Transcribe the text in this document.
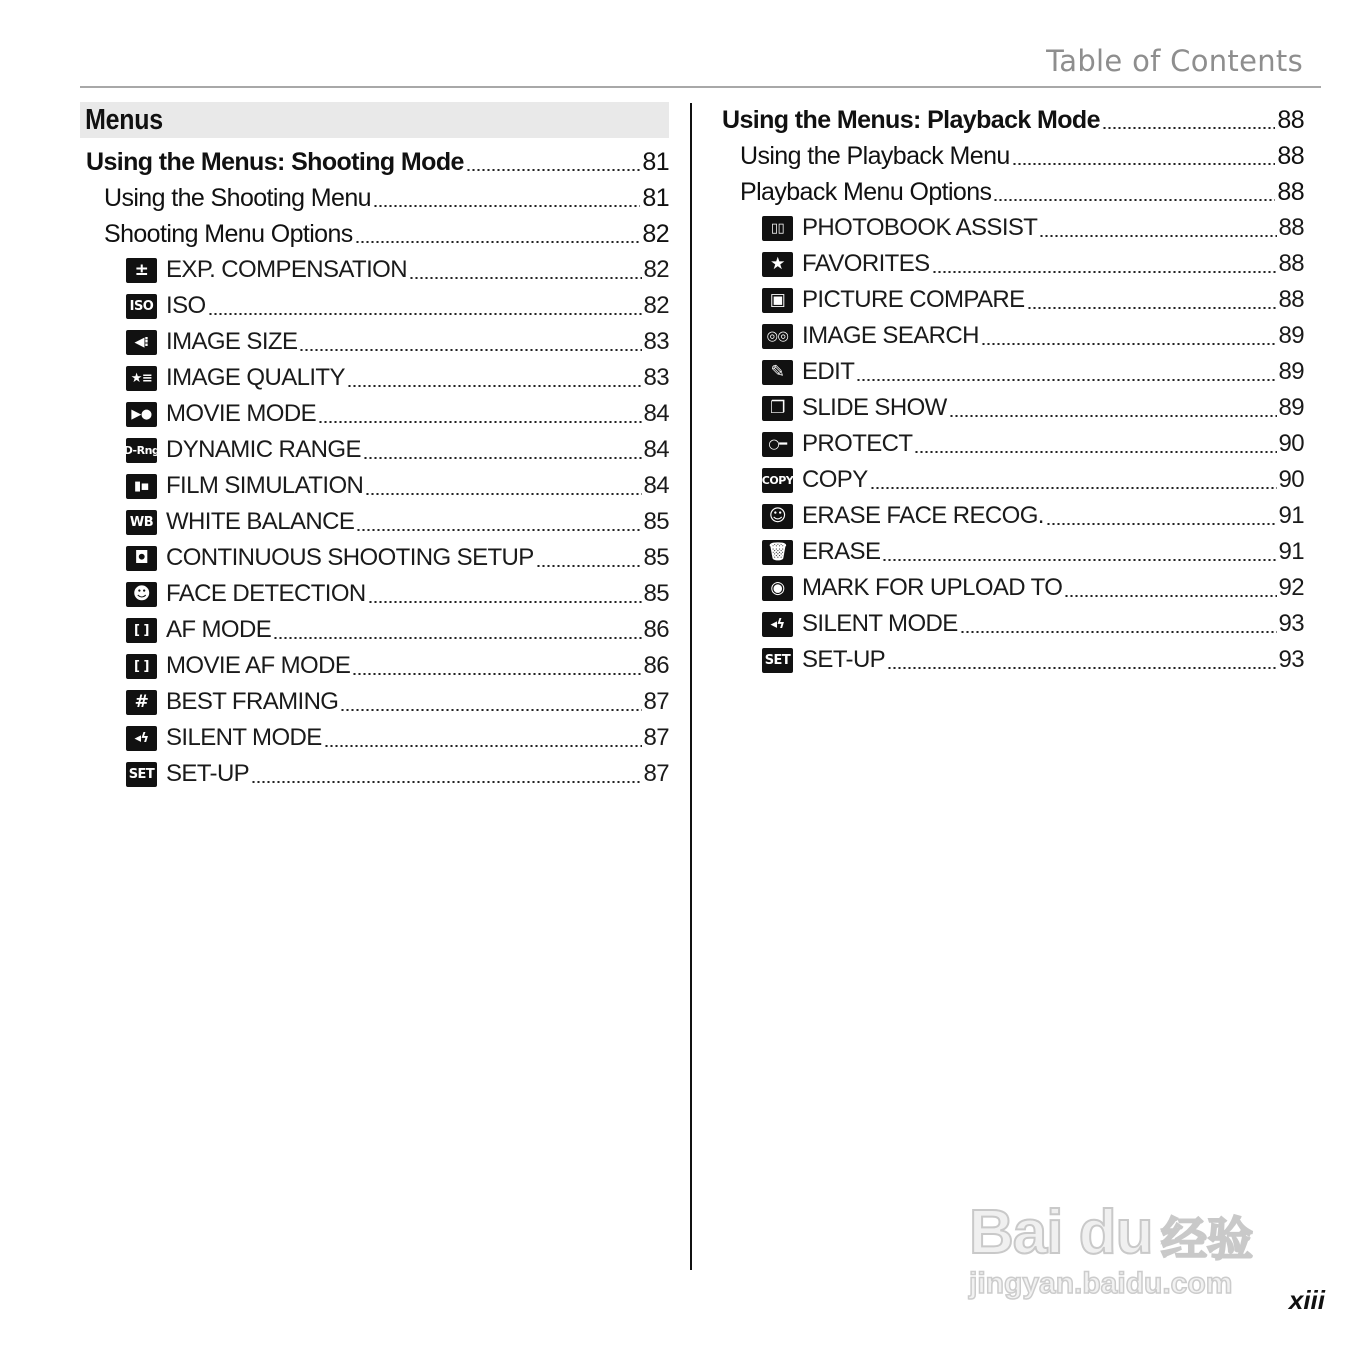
Table of Contents
Menus
Using the Menus: Shooting Mode	81
Using the Shooting Menu	81
Shooting Menu Options	82
± EXP. COMPENSATION	82
ISO ISO	82
◀⁝ IMAGE SIZE	83
★≡ IMAGE QUALITY	83
▶● MOVIE MODE	84
D-Rng DYNAMIC RANGE	84
▮▪ FILM SIMULATION	84
WB WHITE BALANCE	85
◘ CONTINUOUS SHOOTING SETUP	85
☻ FACE DETECTION	85
[ ] AF MODE	86
[ ] MOVIE AF MODE	86
# BEST FRAMING	87
◂ϟ SILENT MODE	87
SET SET-UP	87
Using the Menus: Playback Mode	88
Using the Playback Menu	88
Playback Menu Options	88
▯▯ PHOTOBOOK ASSIST	88
★ FAVORITES	88
▣ PICTURE COMPARE	88
◎◎ IMAGE SEARCH	89
✎ EDIT	89
❐ SLIDE SHOW	89
○━ PROTECT	90
COPY COPY	90
☺ ERASE FACE RECOG.	91
🗑 ERASE	91
◉ MARK FOR UPLOAD TO	92
◂ϟ SILENT MODE	93
SET SET-UP	93
Bai du 经验
jingyan.baidu.com xiii
